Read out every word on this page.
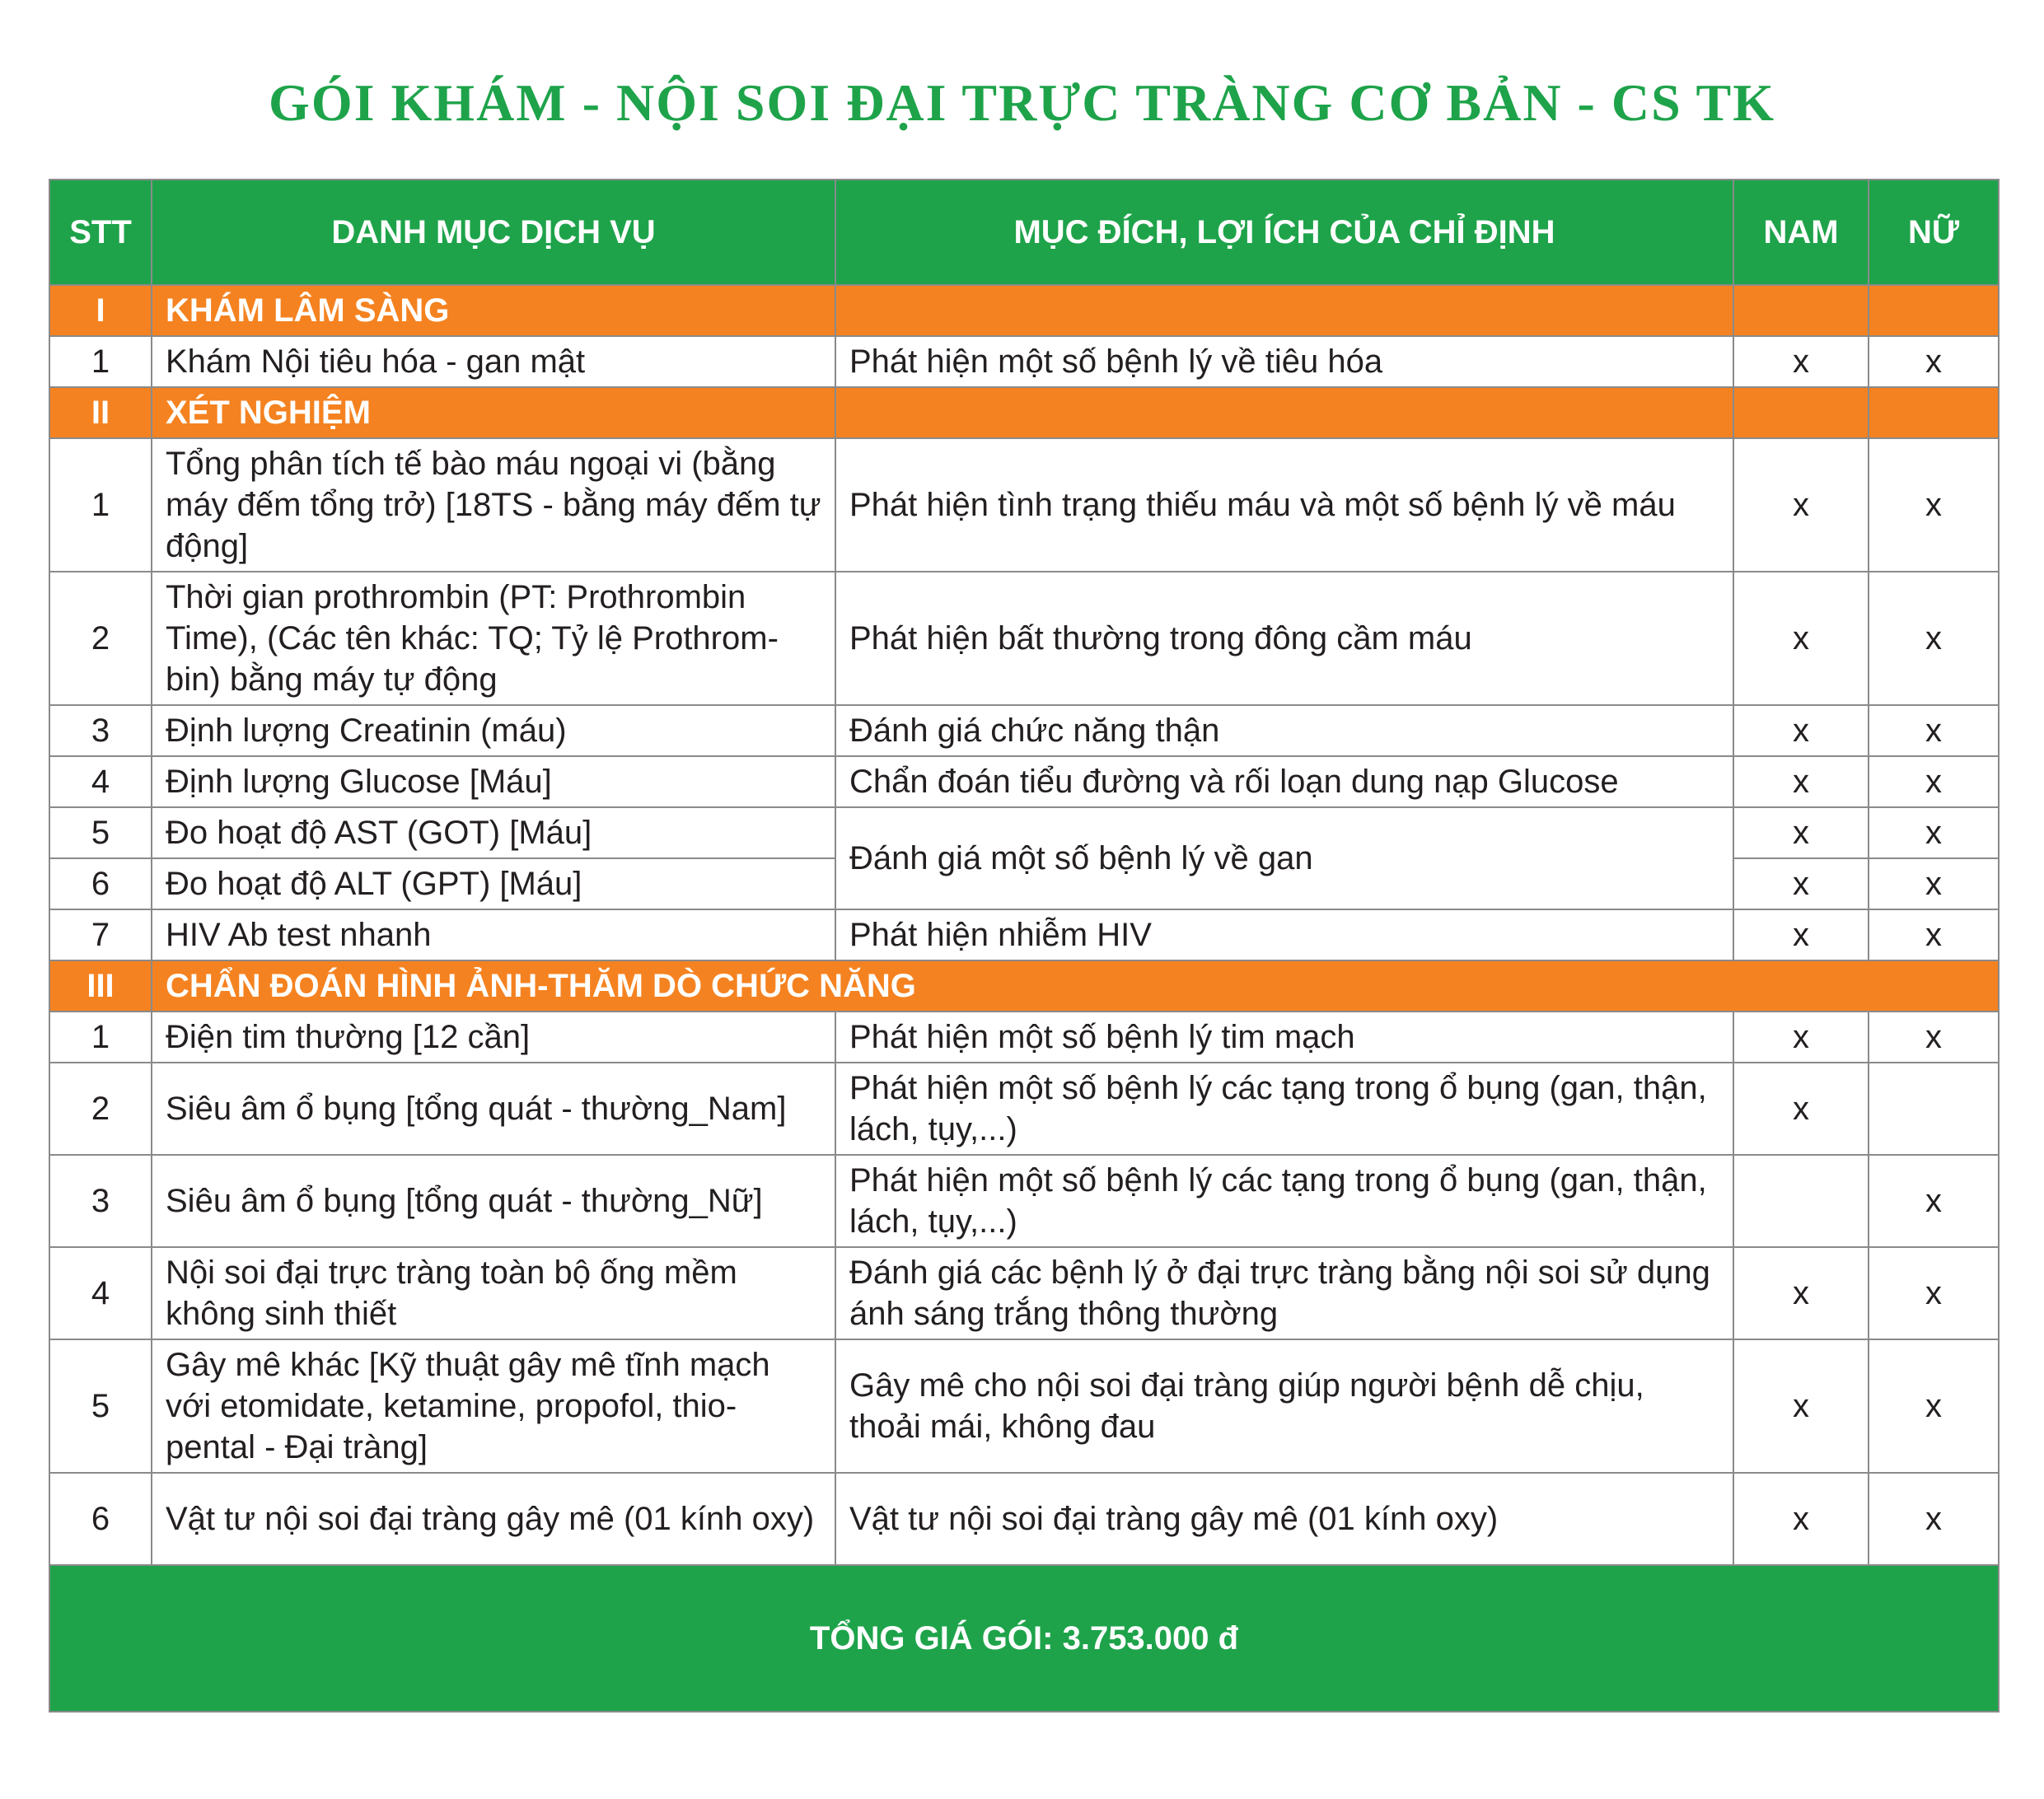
GÓI KHÁM - NỘI SOI ĐẠI TRỰC TRÀNG CƠ BẢN - CS TK
STT	DANH MỤC DỊCH VỤ	MỤC ĐÍCH, LỢI ÍCH CỦA CHỈ ĐỊNH	NAM	NỮ
I	KHÁM LÂM SÀNG			
1	Khám Nội tiêu hóa - gan mật	Phát hiện một số bệnh lý về tiêu hóa	x	x
II	XÉT NGHIỆM			
1	Tổng phân tích tế bào máu ngoại vi (bằng máy đếm tổng trở) [18TS - bằng máy đếm tự động]	Phát hiện tình trạng thiếu máu và một số bệnh lý về máu	x	x
2	Thời gian prothrombin (PT: Prothrombin Time), (Các tên khác: TQ; Tỷ lệ Prothrom-bin) bằng máy tự động	Phát hiện bất thường trong đông cầm máu	x	x
3	Định lượng Creatinin (máu)	Đánh giá chức năng thận	x	x
4	Định lượng Glucose [Máu]	Chẩn đoán tiểu đường và rối loạn dung nạp Glucose	x	x
5	Đo hoạt độ AST (GOT) [Máu]	Đánh giá một số bệnh lý về gan	x	x
6	Đo hoạt độ ALT (GPT) [Máu]		x	x
7	HIV Ab test nhanh	Phát hiện nhiễm HIV	x	x
III	CHẨN ĐOÁN HÌNH ẢNH-THĂM DÒ CHỨC NĂNG			
1	Điện tim thường [12 cần]	Phát hiện một số bệnh lý tim mạch	x	x
2	Siêu âm ổ bụng [tổng quát - thường_Nam]	Phát hiện một số bệnh lý các tạng trong ổ bụng (gan, thận, lách, tụy,...)	x	
3	Siêu âm ổ bụng [tổng quát - thường_Nữ]	Phát hiện một số bệnh lý các tạng trong ổ bụng (gan, thận, lách, tụy,...)		x
4	Nội soi đại trực tràng toàn bộ ống mềm không sinh thiết	Đánh giá các bệnh lý ở đại trực tràng bằng nội soi sử dụng ánh sáng trắng thông thường	x	x
5	Gây mê khác [Kỹ thuật gây mê tĩnh mạch với etomidate, ketamine, propofol, thio-pental - Đại tràng]	Gây mê cho nội soi đại tràng giúp người bệnh dễ chịu, thoải mái, không đau	x	x
6	Vật tư nội soi đại tràng gây mê (01 kính oxy)	Vật tư nội soi đại tràng gây mê (01 kính oxy)	x	x
TỔNG GIÁ GÓI: 3.753.000 đ				
